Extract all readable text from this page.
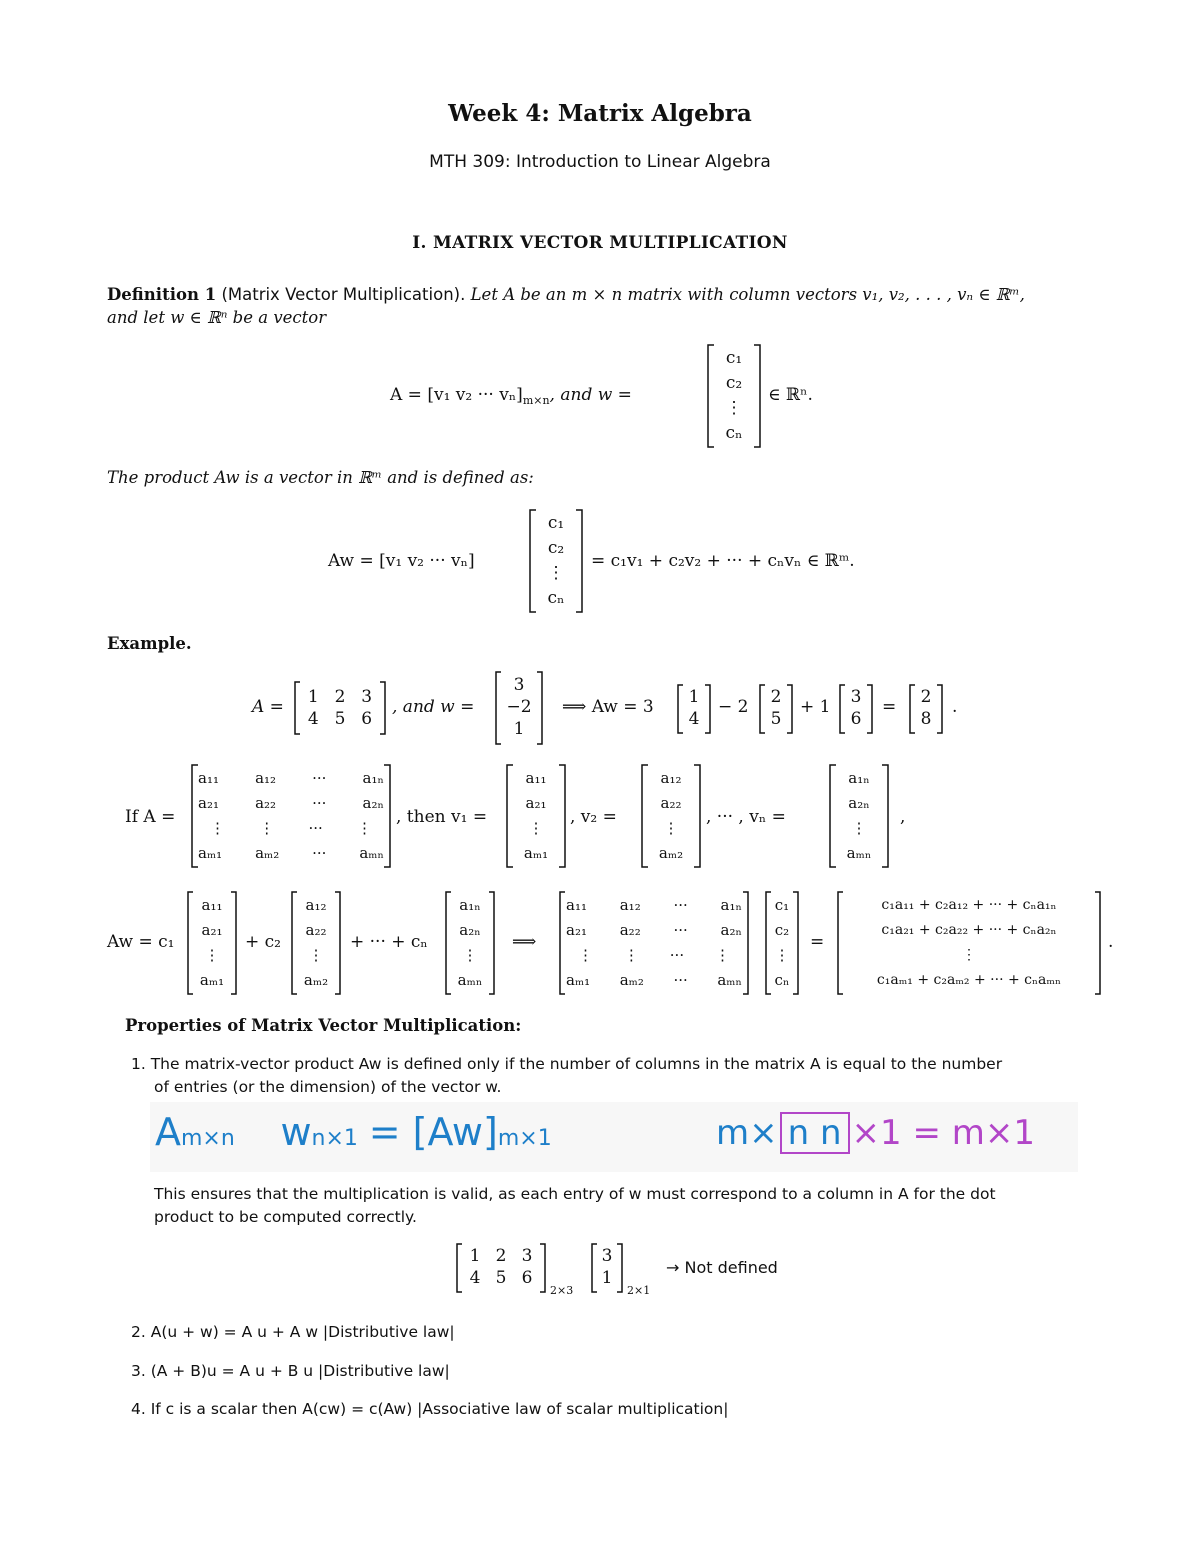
Week 4: Matrix Algebra
MTH 309: Introduction to Linear Algebra
I. MATRIX VECTOR MULTIPLICATION
Definition 1 (Matrix Vector Multiplication). Let A be an m × n matrix with column vectors v₁, v₂, . . . , vₙ ∈ ℝᵐ,
and let w ∈ ℝⁿ be a vector
A = [v₁ v₂ ··· $v_n]_{m\times n}$, and w =
c₁
c₂
⋮
cₙ
∈ ℝⁿ.
The product Aw is a vector in ℝᵐ and is defined as:
Aw = [v₁ v₂ ··· vₙ]
c₁
c₂
⋮
cₙ
= c₁v₁ + c₂v₂ + ··· + cₙvₙ ∈ ℝᵐ.
Example.
A = 1 2 3
4 5 6
, and w =
3
−2
1
⟹ Aw = 3	1
4
− 2	2
5
+ 1	3
6
=	2
8
.
If A =
a₁₁ a₁₂ ··· a₁ₙ
a₂₁ a₂₂ ··· a₂ₙ
⋮ ⋮ ··· ⋮
aₘ₁ aₘ₂ ··· aₘₙ
, then v₁ =
a₁₁
a₂₁
⋮
aₘ₁
, v₂ =
a₁₂
a₂₂
⋮
aₘ₂
, ··· , vₙ =
a₁ₙ
a₂ₙ
⋮
aₘₙ
,
Aw = c₁
a₁₁
a₂₁
⋮
aₘ₁
+ c₂
a₁₂
a₂₂
⋮
aₘ₂
+ ··· + cₙ
a₁ₙ
a₂ₙ
⋮
aₘₙ
⟹
a₁₁ a₁₂ ··· a₁ₙ
a₂₁ a₂₂ ··· a₂ₙ
⋮ ⋮ ··· ⋮
aₘ₁ aₘ₂ ··· aₘₙ
c₁
c₂
⋮
cₙ
=
c₁a₁₁ + c₂a₁₂ + ··· + cₙa₁ₙ
c₁a₂₁ + c₂a₂₂ + ··· + cₙa₂ₙ
⋮
c₁aₘ₁ + c₂aₘ₂ + ··· + cₙaₘₙ
.
Properties of Matrix Vector Multiplication:
1. The matrix-vector product Aw is defined only if the number of columns in the matrix A is equal to the number
of entries (or the dimension) of the vector w.
Am×n wn×1 = [Aw]m×1	m× n n ×1 = m×1
This ensures that the multiplication is valid, as each entry of w must correspond to a column in A for the dot
product to be computed correctly.
1 2 3
4 5 6
2×3
3
1
2×1
→ Not defined
2. A(u + w) = A u + A w |Distributive law|
3. (A + B)u = A u + B u |Distributive law|
4. If c is a scalar then A(cw) = c(Aw) |Associative law of scalar multiplication|
